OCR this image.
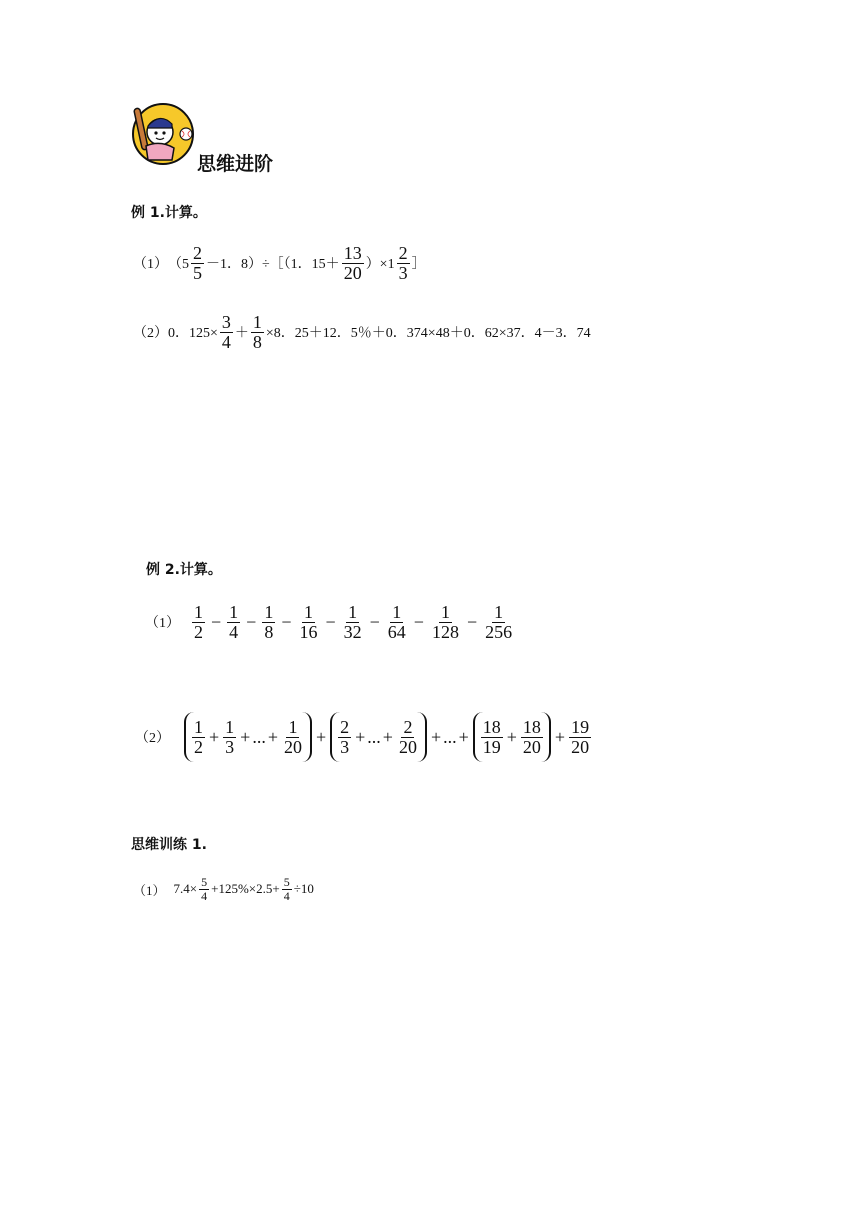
思维进阶
例 1.计算。
（1） （$5 \frac{2}{5} -1$．8）÷［（1．$15+ \frac{13}{20} )\times 1 \frac{2}{3}$ ］
（2） 0．$125\times \frac{3}{4} + \frac{1}{8} \times 8$．25＋12．5％＋0．374×48＋0．62×37．4－3．74
例 2.计算。
$(1) \frac{1}{2} - \frac{1}{4} - \frac{1}{8} - \frac{1}{16} - \frac{1}{32} - \frac{1}{64} - \frac{1}{128} - \frac{1}{256}$
$(2) \frac{1}{2} + \frac{1}{3}$ + ... + $\frac{1}{20} + \frac{2}{3}$ + ... + $\frac{2}{20}$ + ... + $\frac{18}{19} + \frac{18}{20} + \frac{19}{20}$
思维训练 1.
（1） $7.4\times \frac{5}{4} +125\%\times 2.5+ \frac{5}{4} \div 10$
